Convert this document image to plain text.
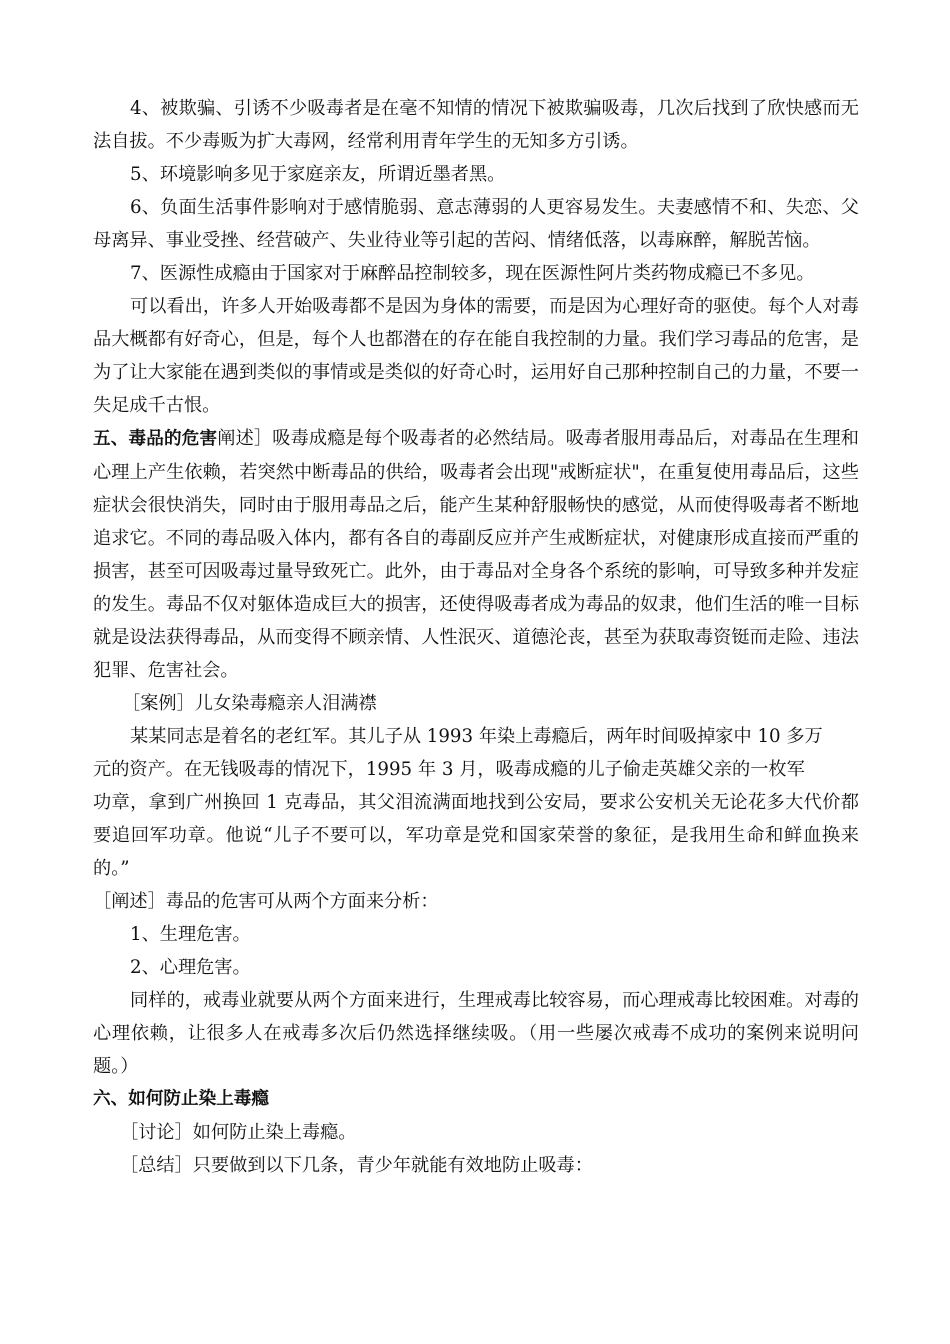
4、被欺骗、引诱不少吸毒者是在毫不知情的情况下被欺骗吸毒，几次后找到了欣快感而无法自拔。不少毒贩为扩大毒网，经常利用青年学生的无知多方引诱。

5、环境影响多见于家庭亲友，所谓近墨者黑。

6、负面生活事件影响对于感情脆弱、意志薄弱的人更容易发生。夫妻感情不和、失恋、父母离异、事业受挫、经营破产、失业待业等引起的苦闷、情绪低落，以毒麻醉，解脱苦恼。

7、医源性成瘾由于国家对于麻醉品控制较多，现在医源性阿片类药物成瘾已不多见。

可以看出，许多人开始吸毒都不是因为身体的需要，而是因为心理好奇的驱使。每个人对毒品大概都有好奇心，但是，每个人也都潜在的存在能自我控制的力量。我们学习毒品的危害，是为了让大家能在遇到类似的事情或是类似的好奇心时，运用好自己那种控制自己的力量，不要一失足成千古恨。

五、毒品的危害阐述］吸毒成瘾是每个吸毒者的必然结局。吸毒者服用毒品后，对毒品在生理和心理上产生依赖，若突然中断毒品的供给，吸毒者会出现"戒断症状"，在重复使用毒品后，这些症状会很快消失，同时由于服用毒品之后，能产生某种舒服畅快的感觉，从而使得吸毒者不断地追求它。不同的毒品吸入体内，都有各自的毒副反应并产生戒断症状，对健康形成直接而严重的损害，甚至可因吸毒过量导致死亡。此外，由于毒品对全身各个系统的影响，可导致多种并发症的发生。毒品不仅对躯体造成巨大的损害，还使得吸毒者成为毒品的奴隶，他们生活的唯一目标就是设法获得毒品，从而变得不顾亲情、人性泯灭、道德沦丧，甚至为获取毒资铤而走险、违法犯罪、危害社会。

［案例］儿女染毒瘾亲人泪满襟

某某同志是着名的老红军。其儿子从 1993 年染上毒瘾后，两年时间吸掉家中 10 多万

元的资产。在无钱吸毒的情况下，1995 年 3 月，吸毒成瘾的儿子偷走英雄父亲的一枚军

功章，拿到广州换回 1 克毒品，其父泪流满面地找到公安局，要求公安机关无论花多大代价都要追回军功章。他说“儿子不要可以，军功章是党和国家荣誉的象征，是我用生命和鲜血换来的。”

［阐述］毒品的危害可从两个方面来分析：

1、生理危害。

2、心理危害。

同样的，戒毒业就要从两个方面来进行，生理戒毒比较容易，而心理戒毒比较困难。对毒的心理依赖，让很多人在戒毒多次后仍然选择继续吸。（用一些屡次戒毒不成功的案例来说明问题。）

六、如何防止染上毒瘾

［讨论］如何防止染上毒瘾。

［总结］只要做到以下几条，青少年就能有效地防止吸毒：
